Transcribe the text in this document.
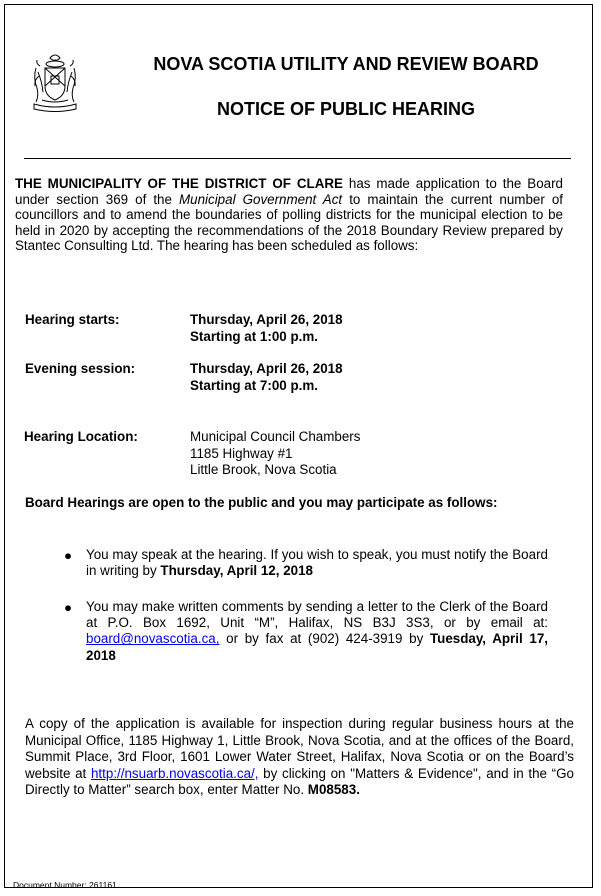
NOVA SCOTIA UTILITY AND REVIEW BOARD
NOTICE OF PUBLIC HEARING
THE MUNICIPALITY OF THE DISTRICT OF CLARE has made application to the Board under section 369 of the Municipal Government Act to maintain the current number of councillors and to amend the boundaries of polling districts for the municipal election to be held in 2020 by accepting the recommendations of the 2018 Boundary Review prepared by Stantec Consulting Ltd. The hearing has been scheduled as follows:
Hearing starts:	Thursday, April 26, 2018
Starting at 1:00 p.m.
Evening session:	Thursday, April 26, 2018
Starting at 7:00 p.m.
Hearing Location:	Municipal Council Chambers
1185 Highway #1
Little Brook, Nova Scotia
Board Hearings are open to the public and you may participate as follows:
● You may speak at the hearing. If you wish to speak, you must notify the Board in writing by Thursday, April 12, 2018
● You may make written comments by sending a letter to the Clerk of the Board at P.O. Box 1692, Unit “M”, Halifax, NS B3J 3S3, or by email at: board@novascotia.ca, or by fax at (902) 424-3919 by Tuesday, April 17, 2018
A copy of the application is available for inspection during regular business hours at the Municipal Office, 1185 Highway 1, Little Brook, Nova Scotia, and at the offices of the Board, Summit Place, 3rd Floor, 1601 Lower Water Street, Halifax, Nova Scotia or on the Board’s website at http://nsuarb.novascotia.ca/, by clicking on "Matters & Evidence", and in the “Go Directly to Matter” search box, enter Matter No. M08583.
Document Number: 261161
